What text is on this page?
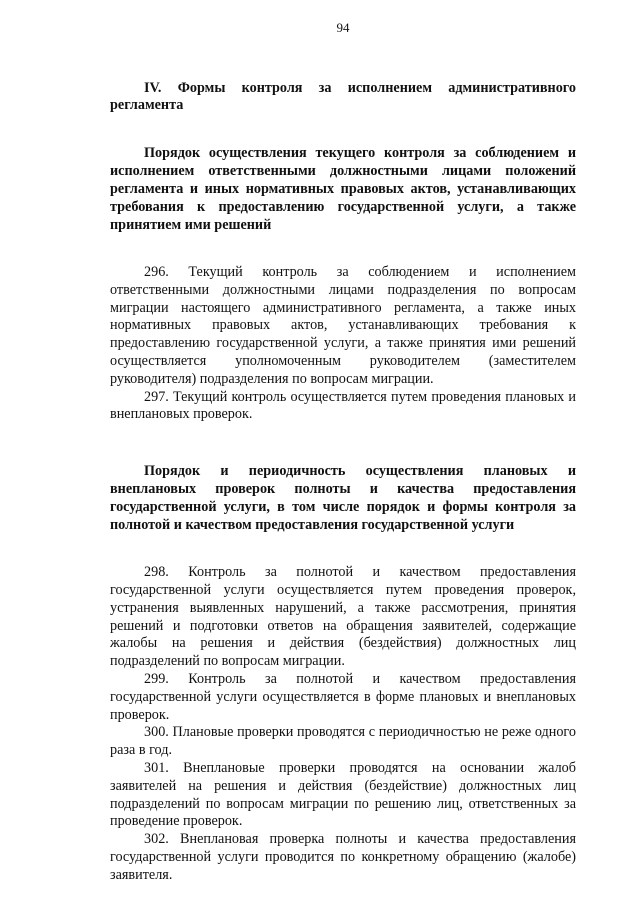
94
IV. Формы контроля за исполнением административного регламента
Порядок осуществления текущего контроля за соблюдением и исполнением ответственными должностными лицами положений регламента и иных нормативных правовых актов, устанавливающих требования к предоставлению государственной услуги, а также принятием ими решений

296. Текущий контроль за соблюдением и исполнением ответственными должностными лицами подразделения по вопросам миграции настоящего административного регламента, а также иных нормативных правовых актов, устанавливающих требования к предоставлению государственной услуги, а также принятия ими решений осуществляется уполномоченным руководителем (заместителем руководителя) подразделения по вопросам миграции.

297. Текущий контроль осуществляется путем проведения плановых и внеплановых проверок.

Порядок и периодичность осуществления плановых и внеплановых проверок полноты и качества предоставления государственной услуги, в том числе порядок и формы контроля за полнотой и качеством предоставления государственной услуги

298. Контроль за полнотой и качеством предоставления государственной услуги осуществляется путем проведения проверок, устранения выявленных нарушений, а также рассмотрения, принятия решений и подготовки ответов на обращения заявителей, содержащие жалобы на решения и действия (бездействия) должностных лиц подразделений по вопросам миграции.

299. Контроль за полнотой и качеством предоставления государственной услуги осуществляется в форме плановых и внеплановых проверок.

300. Плановые проверки проводятся с периодичностью не реже одного раза в год.

301. Внеплановые проверки проводятся на основании жалоб заявителей на решения и действия (бездействие) должностных лиц подразделений по вопросам миграции по решению лиц, ответственных за проведение проверок.

302. Внеплановая проверка полноты и качества предоставления государственной услуги проводится по конкретному обращению (жалобе) заявителя.
